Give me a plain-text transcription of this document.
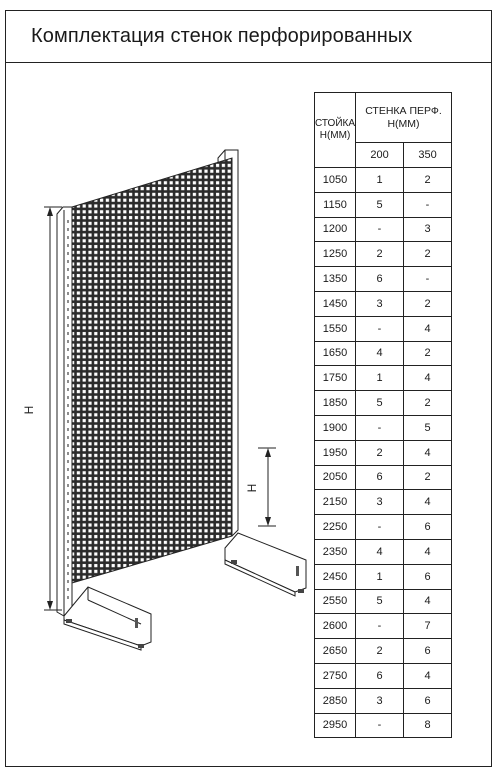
Комплектация стенок перфорированных
H
H
СТОЙКА H(ММ)	СТЕНКА ПЕРФ. H(ММ)	
	200	350
1050	1	2
1150	5	-
1200	-	3
1250	2	2
1350	6	-
1450	3	2
1550	-	4
1650	4	2
1750	1	4
1850	5	2
1900	-	5
1950	2	4
2050	6	2
2150	3	4
2250	-	6
2350	4	4
2450	1	6
2550	5	4
2600	-	7
2650	2	6
2750	6	4
2850	3	6
2950	-	8
